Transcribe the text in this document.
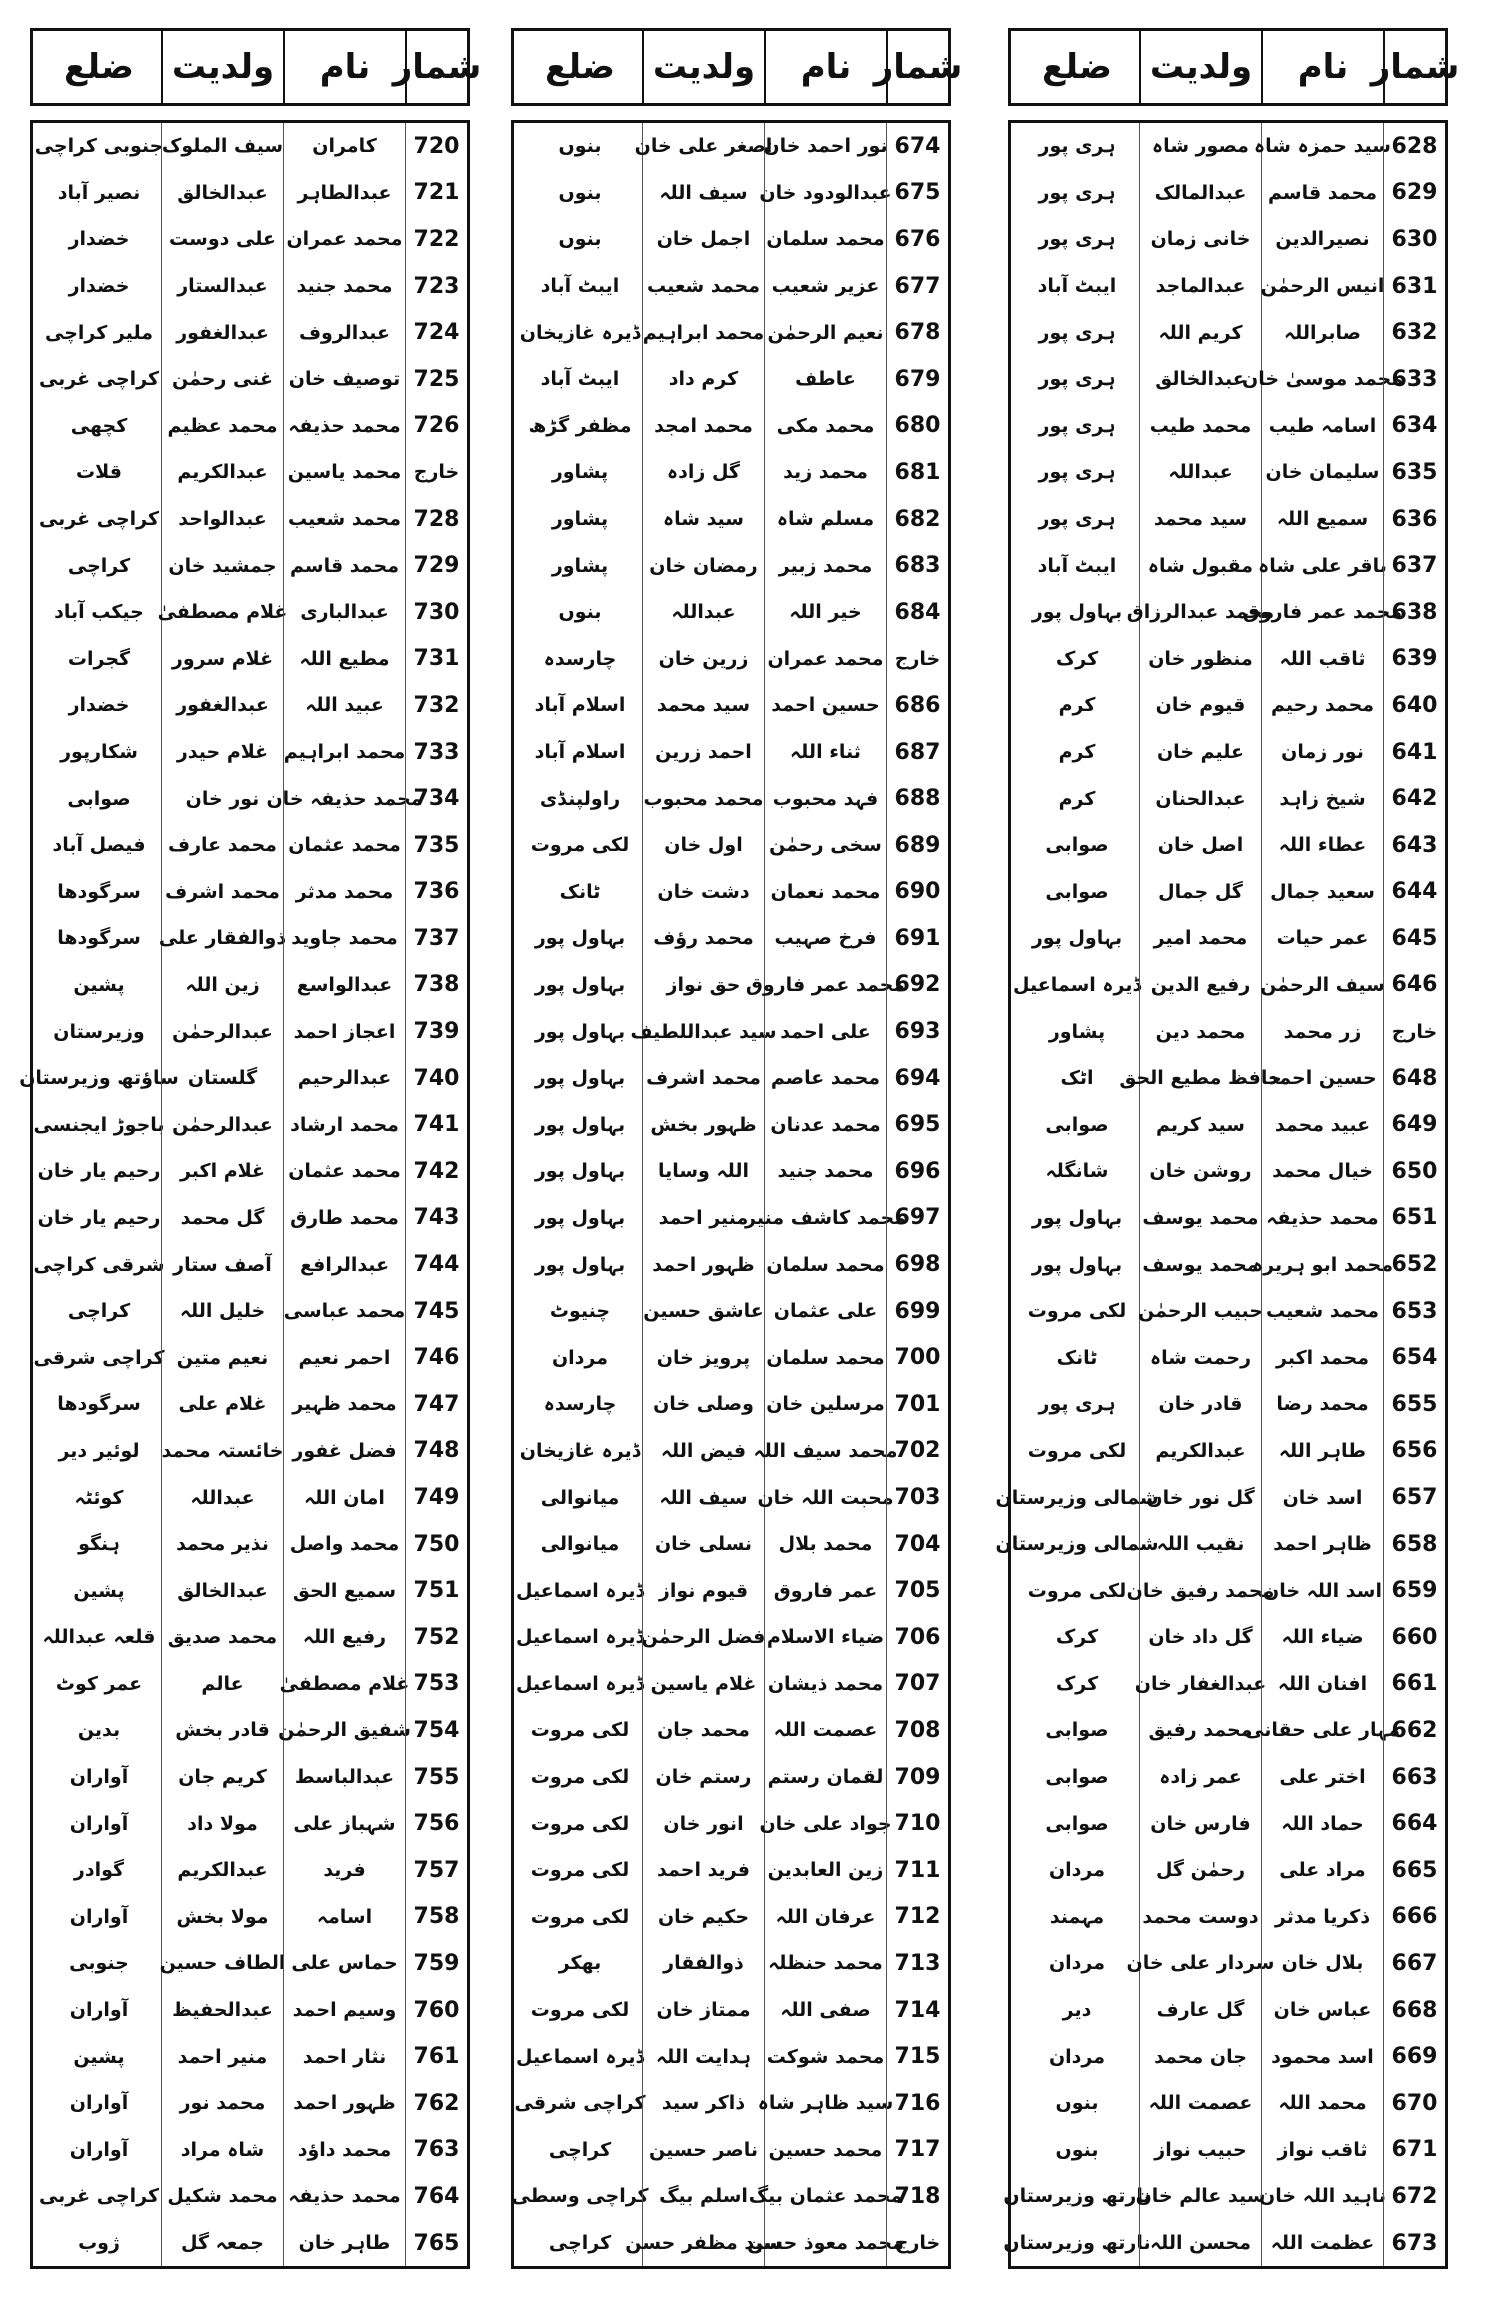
شمار
نام
ولدیت
ضلع
628
سید حمزہ شاہ
مصور شاہ
ہری پور
629
محمد قاسم
عبدالمالک
ہری پور
630
نصیرالدین
خانی زمان
ہری پور
631
انیس الرحمٰن
عبدالماجد
ایبٹ آباد
632
صابراللہ
کریم اللہ
ہری پور
633
محمد موسیٰ خان
عبدالخالق
ہری پور
634
اسامہ طیب
محمد طیب
ہری پور
635
سلیمان خان
عبداللہ
ہری پور
636
سمیع اللہ
سید محمد
ہری پور
637
باقر علی شاہ
مقبول شاہ
ایبٹ آباد
638
محمد عمر فاروق
محمد عبدالرزاق
بہاول پور
639
ثاقب اللہ
منظور خان
کرک
640
محمد رحیم
قیوم خان
کرم
641
نور زمان
علیم خان
کرم
642
شیخ زاہد
عبدالحنان
کرم
643
عطاء اللہ
اصل خان
صوابی
644
سعید جمال
گل جمال
صوابی
645
عمر حیات
محمد امیر
بہاول پور
646
سیف الرحمٰن
رفیع الدین
ڈیرہ اسماعیل
خارج
زر محمد
محمد دین
پشاور
648
حسین احمد
حافظ مطیع الحق
اٹک
649
عبید محمد
سید کریم
صوابی
650
خیال محمد
روشن خان
شانگلہ
651
محمد حذیفہ
محمد یوسف
بہاول پور
652
محمد ابو ہریرہ
محمد یوسف
بہاول پور
653
محمد شعیب
حبیب الرحمٰن
لکی مروت
654
محمد اکبر
رحمت شاہ
ٹانک
655
محمد رضا
قادر خان
ہری پور
656
طاہر اللہ
عبدالکریم
لکی مروت
657
اسد خان
گل نور خان
شمالی وزیرستان
658
ظاہر احمد
نقیب اللہ
شمالی وزیرستان
659
اسد اللہ خان
محمد رفیق خان
لکی مروت
660
ضیاء اللہ
گل داد خان
کرک
661
افنان اللہ
عبدالغفار خان
کرک
662
مہار علی حقانی
محمد رفیق
صوابی
663
اختر علی
عمر زادہ
صوابی
664
حماد اللہ
فارس خان
صوابی
665
مراد علی
رحمٰن گل
مردان
666
ذکریا مدثر
دوست محمد
مہمند
667
بلال خان
سردار علی خان
مردان
668
عباس خان
گل عارف
دیر
669
اسد محمود
جان محمد
مردان
670
محمد اللہ
عصمت اللہ
بنوں
671
ثاقب نواز
حبیب نواز
بنوں
672
ناہید اللہ خان
سید عالم خان
نارتھ وزیرستان
673
عظمت اللہ
محسن اللہ
نارتھ وزیرستان
شمار
نام
ولدیت
ضلع
674
نور احمد خان
اصغر علی خان
بنوں
675
عبدالودود خان
سیف اللہ
بنوں
676
محمد سلمان
اجمل خان
بنوں
677
عزیر شعیب
محمد شعیب
ایبٹ آباد
678
نعیم الرحمٰن
محمد ابراہیم
ڈیرہ غازیخان
679
عاطف
کرم داد
ایبٹ آباد
680
محمد مکی
محمد امجد
مظفر گڑھ
681
محمد زید
گل زادہ
پشاور
682
مسلم شاہ
سید شاہ
پشاور
683
محمد زبیر
رمضان خان
پشاور
684
خیر اللہ
عبداللہ
بنوں
خارج
محمد عمران
زرین خان
چارسدہ
686
حسین احمد
سید محمد
اسلام آباد
687
ثناء اللہ
احمد زرین
اسلام آباد
688
فہد محبوب
محمد محبوب
راولپنڈی
689
سخی رحمٰن
اول خان
لکی مروت
690
محمد نعمان
دشت خان
ٹانک
691
فرخ صہیب
محمد رؤف
بہاول پور
692
محمد عمر فاروق
حق نواز
بہاول پور
693
علی احمد
سید عبداللطیف
بہاول پور
694
محمد عاصم
محمد اشرف
بہاول پور
695
محمد عدنان
ظہور بخش
بہاول پور
696
محمد جنید
اللہ وسایا
بہاول پور
697
محمد کاشف منیر
منیر احمد
بہاول پور
698
محمد سلمان
ظہور احمد
بہاول پور
699
علی عثمان
عاشق حسین
چنیوٹ
700
محمد سلمان
پرویز خان
مردان
701
مرسلین خان
وصلی خان
چارسدہ
702
محمد سیف اللہ
فیض اللہ
ڈیرہ غازیخان
703
محبت اللہ خان
سیف اللہ
میانوالی
704
محمد بلال
نسلی خان
میانوالی
705
عمر فاروق
قیوم نواز
ڈیرہ اسماعیل
706
ضیاء الاسلام
فضل الرحمٰن
ڈیرہ اسماعیل
707
محمد ذیشان
غلام یاسین
ڈیرہ اسماعیل
708
عصمت اللہ
محمد جان
لکی مروت
709
لقمان رستم
رستم خان
لکی مروت
710
جواد علی خان
انور خان
لکی مروت
711
زین العابدین
فرید احمد
لکی مروت
712
عرفان اللہ
حکیم خان
لکی مروت
713
محمد حنظلہ
ذوالفقار
بھکر
714
صفی اللہ
ممتاز خان
لکی مروت
715
محمد شوکت
ہدایت اللہ
ڈیرہ اسماعیل
716
سید ظاہر شاہ
ذاکر سید
کراچی شرقی
717
محمد حسین
ناصر حسین
کراچی
718
محمد عثمان بیگ
اسلم بیگ
کراچی وسطی
خارج
محمد معوذ حسن
سید مظفر حسن
کراچی
شمار
نام
ولدیت
ضلع
720
کامران
سیف الملوک
جنوبی کراچی
721
عبدالطاہر
عبدالخالق
نصیر آباد
722
محمد عمران
علی دوست
خضدار
723
محمد جنید
عبدالستار
خضدار
724
عبدالروف
عبدالغفور
ملیر کراچی
725
توصیف خان
غنی رحمٰن
کراچی غربی
726
محمد حذیفہ
محمد عظیم
کچھی
خارج
محمد یاسین
عبدالکریم
قلات
728
محمد شعیب
عبدالواحد
کراچی غربی
729
محمد قاسم
جمشید خان
کراچی
730
عبدالباری
غلام مصطفیٰ
جیکب آباد
731
مطیع اللہ
غلام سرور
گجرات
732
عبید اللہ
عبدالغفور
خضدار
733
محمد ابراہیم
غلام حیدر
شکارپور
734
محمد حذیفہ خان
نور خان
صوابی
735
محمد عثمان
محمد عارف
فیصل آباد
736
محمد مدثر
محمد اشرف
سرگودھا
737
محمد جاوید
ذوالفقار علی
سرگودھا
738
عبدالواسع
زین اللہ
پشین
739
اعجاز احمد
عبدالرحمٰن
وزیرستان
740
عبدالرحیم
گلستان
ساؤتھ وزیرستان
741
محمد ارشاد
عبدالرحمٰن
باجوڑ ایجنسی
742
محمد عثمان
غلام اکبر
رحیم یار خان
743
محمد طارق
گل محمد
رحیم یار خان
744
عبدالرافع
آصف ستار
شرقی کراچی
745
محمد عباسی
خلیل اللہ
کراچی
746
احمر نعیم
نعیم متین
کراچی شرقی
747
محمد ظہیر
غلام علی
سرگودھا
748
فضل غفور
خائستہ محمد
لوئیر دیر
749
امان اللہ
عبداللہ
کوئٹہ
750
محمد واصل
نذیر محمد
ہنگو
751
سمیع الحق
عبدالخالق
پشین
752
رفیع اللہ
محمد صدیق
قلعہ عبداللہ
753
غلام مصطفیٰ
عالم
عمر کوٹ
754
شفیق الرحمٰن
قادر بخش
بدین
755
عبدالباسط
کریم جان
آواران
756
شہباز علی
مولا داد
آواران
757
فرید
عبدالکریم
گوادر
758
اسامہ
مولا بخش
آواران
759
حماس علی
الطاف حسین
جنوبی
760
وسیم احمد
عبدالحفیظ
آواران
761
نثار احمد
منیر احمد
پشین
762
ظہور احمد
محمد نور
آواران
763
محمد داؤد
شاہ مراد
آواران
764
محمد حذیفہ
محمد شکیل
کراچی غربی
765
طاہر خان
جمعہ گل
ژوب
